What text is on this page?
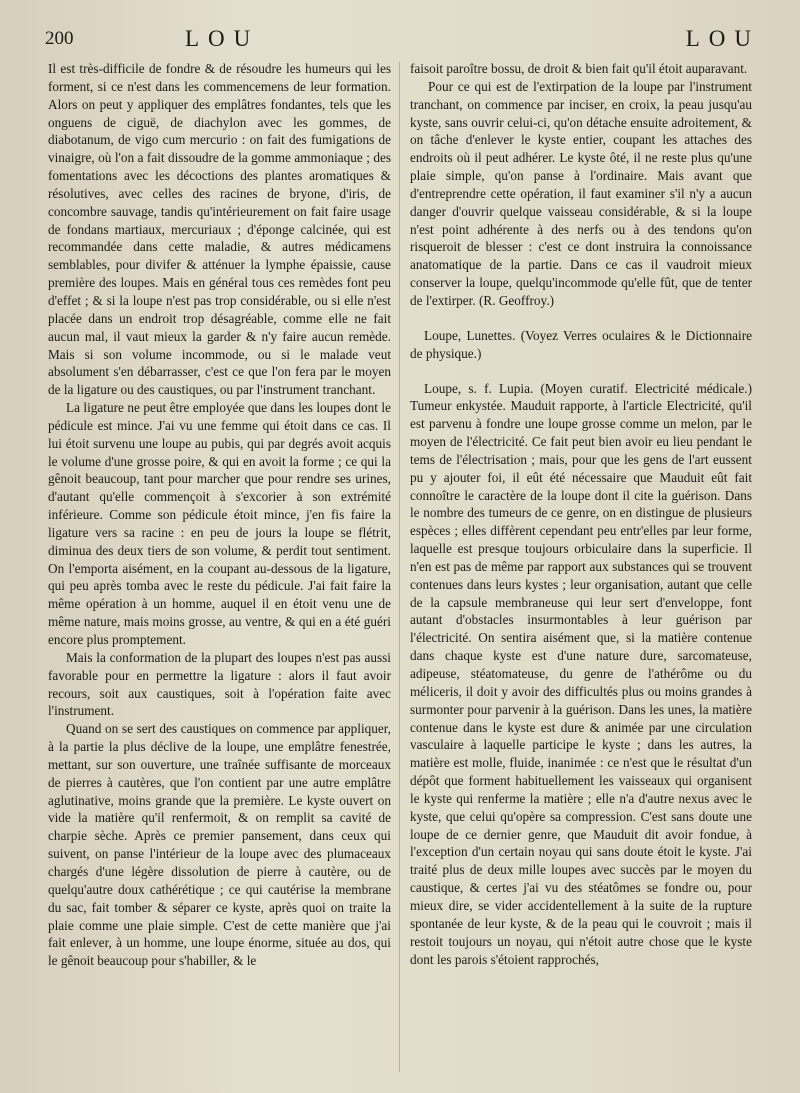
200	LOU	LOU

Il est très-difficile de fondre & de résoudre les humeurs qui les forment, si ce n'est dans les commencemens de leur formation. Alors on peut y appliquer des emplâtres fondantes, tels que les onguens de ciguë, de diachylon avec les gommes, de diabotanum, de vigo cum mercurio : on fait des fumigations de vinaigre, où l'on a fait dissoudre de la gomme ammoniaque ; des fomentations avec les décoctions des plantes aromatiques & résolutives, avec celles des racines de bryone, d'iris, de concombre sauvage, tandis qu'intérieurement on fait faire usage de fondans martiaux, mercuriaux ; d'éponge calcinée, qui est recommandée dans cette maladie, & autres médicamens semblables, pour divifer & atténuer la lymphe épaissie, cause première des loupes. Mais en général tous ces remèdes font peu d'effet ; & si la loupe n'est pas trop considérable, ou si elle n'est placée dans un endroit trop désagréable, comme elle ne fait aucun mal, il vaut mieux la garder & n'y faire aucun remède. Mais si son volume incommode, ou si le malade veut absolument s'en débarrasser, c'est ce que l'on fera par le moyen de la ligature ou des caustiques, ou par l'instrument tranchant.

La ligature ne peut être employée que dans les loupes dont le pédicule est mince. J'ai vu une femme qui étoit dans ce cas. Il lui étoit survenu une loupe au pubis, qui par degrés avoit acquis le volume d'une grosse poire, & qui en avoit la forme ; ce qui la gênoit beaucoup, tant pour marcher que pour rendre ses urines, d'autant qu'elle commençoit à s'excorier à son extrémité inférieure. Comme son pédicule étoit mince, j'en fis faire la ligature vers sa racine : en peu de jours la loupe se flétrit, diminua des deux tiers de son volume, & perdit tout sentiment. On l'emporta aisément, en la coupant au-dessous de la ligature, qui peu après tomba avec le reste du pédicule. J'ai fait faire la même opération à un homme, auquel il en étoit venu une de même nature, mais moins grosse, au ventre, & qui en a été guéri encore plus promptement.

Mais la conformation de la plupart des loupes n'est pas aussi favorable pour en permettre la ligature : alors il faut avoir recours, soit aux caustiques, soit à l'opération faite avec l'instrument.

Quand on se sert des caustiques on commence par appliquer, à la partie la plus déclive de la loupe, une emplâtre fenestrée, mettant, sur son ouverture, une traînée suffisante de morceaux de pierres à cautères, que l'on contient par une autre emplâtre aglutinative, moins grande que la première. Le kyste ouvert on vide la matière qu'il renfermoit, & on remplit sa cavité de charpie sèche. Après ce premier pansement, dans ceux qui suivent, on panse l'intérieur de la loupe avec des plumaceaux chargés d'une légère dissolution de pierre à cautère, ou de quelqu'autre doux cathérétique ; ce qui cautérise la membrane du sac, fait tomber & séparer ce kyste, après quoi on traite la plaie comme une plaie simple. C'est de cette manière que j'ai fait enlever, à un homme, une loupe énorme, située au dos, qui le gênoit beaucoup pour s'habiller, & le

faisoit paroître bossu, de droit & bien fait qu'il étoit auparavant.

Pour ce qui est de l'extirpation de la loupe par l'instrument tranchant, on commence par inciser, en croix, la peau jusqu'au kyste, sans ouvrir celui-ci, qu'on détache ensuite adroitement, & on tâche d'enlever le kyste entier, coupant les attaches des endroits où il peut adhérer. Le kyste ôté, il ne reste plus qu'une plaie simple, qu'on panse à l'ordinaire. Mais avant que d'entreprendre cette opération, il faut examiner s'il n'y a aucun danger d'ouvrir quelque vaisseau considérable, & si la loupe n'est point adhérente à des nerfs ou à des tendons qu'on risqueroit de blesser : c'est ce dont instruira la connoissance anatomatique de la partie. Dans ce cas il vaudroit mieux conserver la loupe, quelqu'incommode qu'elle fût, que de tenter de l'extirper. (R. Geoffroy.)

Loupe, Lunettes. (Voyez Verres oculaires & le Dictionnaire de physique.)

Loupe, s. f. Lupia. (Moyen curatif. Electricité médicale.) Tumeur enkystée. Mauduit rapporte, à l'article Electricité, qu'il est parvenu à fondre une loupe grosse comme un melon, par le moyen de l'électricité. Ce fait peut bien avoir eu lieu pendant le tems de l'électrisation ; mais, pour que les gens de l'art eussent pu y ajouter foi, il eût été nécessaire que Mauduit eût fait connoître le caractère de la loupe dont il cite la guérison. Dans le nombre des tumeurs de ce genre, on en distingue de plusieurs espèces ; elles diffèrent cependant peu entr'elles par leur forme, laquelle est presque toujours orbiculaire dans la superficie. Il n'en est pas de même par rapport aux substances qui se trouvent contenues dans leurs kystes ; leur organisation, autant que celle de la capsule membraneuse qui leur sert d'enveloppe, font autant d'obstacles insurmontables à leur guérison par l'électricité. On sentira aisément que, si la matière contenue dans chaque kyste est d'une nature dure, sarcomateuse, adipeuse, stéatomateuse, du genre de l'athérôme ou du méliceris, il doit y avoir des difficultés plus ou moins grandes à surmonter pour parvenir à la guérison. Dans les unes, la matière contenue dans le kyste est dure & animée par une circulation vasculaire à laquelle participe le kyste ; dans les autres, la matière est molle, fluide, inanimée : ce n'est que le résultat d'un dépôt que forment habituellement les vaisseaux qui organisent le kyste qui renferme la matière ; elle n'a d'autre nexus avec le kyste, que celui qu'opère sa compression. C'est sans doute une loupe de ce dernier genre, que Mauduit dit avoir fondue, à l'exception d'un certain noyau qui sans doute étoit le kyste. J'ai traité plus de deux mille loupes avec succès par le moyen du caustique, & certes j'ai vu des stéatômes se fondre ou, pour mieux dire, se vider accidentellement à la suite de la rupture spontanée de leur kyste, & de la peau qui le couvroit ; mais il restoit toujours un noyau, qui n'étoit autre chose que le kyste dont les parois s'étoient rapprochés,
